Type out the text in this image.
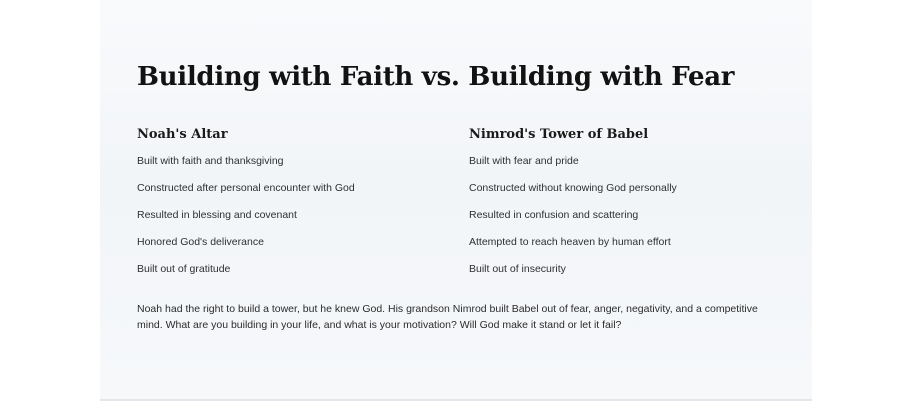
Building with Faith vs. Building with Fear
Noah's Altar
Built with faith and thanksgiving
Constructed after personal encounter with God
Resulted in blessing and covenant
Honored God's deliverance
Built out of gratitude
Nimrod's Tower of Babel
Built with fear and pride
Constructed without knowing God personally
Resulted in confusion and scattering
Attempted to reach heaven by human effort
Built out of insecurity

Noah had the right to build a tower, but he knew God. His grandson Nimrod built Babel out of fear, anger, negativity, and a competitive mind. What are you building in your life, and what is your motivation? Will God make it stand or let it fail?
